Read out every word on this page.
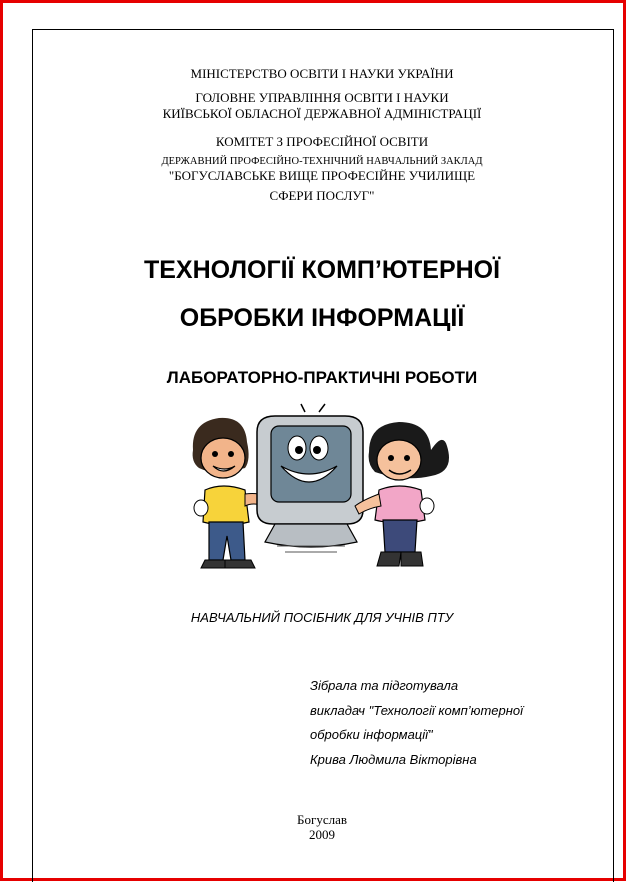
МІНІСТЕРСТВО ОСВІТИ І НАУКИ УКРАЇНИ
ГОЛОВНЕ УПРАВЛІННЯ ОСВІТИ І НАУКИ
КИЇВСЬКОЇ ОБЛАСНОЇ ДЕРЖАВНОЇ АДМІНІСТРАЦІЇ
КОМІТЕТ З ПРОФЕСІЙНОЇ ОСВІТИ
ДЕРЖАВНИЙ ПРОФЕСІЙНО-ТЕХНІЧНИЙ НАВЧАЛЬНИЙ ЗАКЛАД
"БОГУСЛАВСЬКЕ ВИЩЕ ПРОФЕСІЙНЕ УЧИЛИЩЕ
СФЕРИ ПОСЛУГ"
ТЕХНОЛОГІЇ КОМП’ЮТЕРНОЇ
ОБРОБКИ ІНФОРМАЦІЇ
ЛАБОРАТОРНО-ПРАКТИЧНІ РОБОТИ
НАВЧАЛЬНИЙ ПОСІБНИК ДЛЯ УЧНІВ ПТУ
Зібрала та підготувала
викладач "Технології комп’ютерної
обробки інформації"
Крива Людмила Вікторівна
Богуслав
2009
